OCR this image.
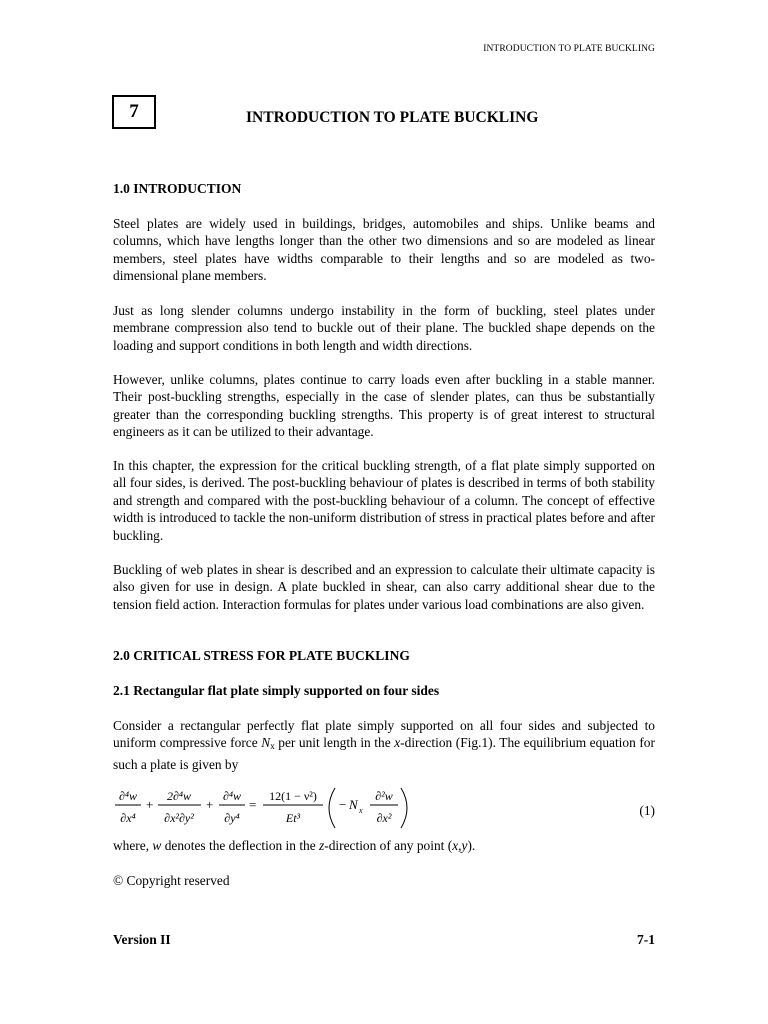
INTRODUCTION TO PLATE BUCKLING
7	INTRODUCTION TO PLATE BUCKLING
1.0 INTRODUCTION

Steel plates are widely used in buildings, bridges, automobiles and ships. Unlike beams and columns, which have lengths longer than the other two dimensions and so are modeled as linear members, steel plates have widths comparable to their lengths and so are modeled as two-dimensional plane members.

Just as long slender columns undergo instability in the form of buckling, steel plates under membrane compression also tend to buckle out of their plane. The buckled shape depends on the loading and support conditions in both length and width directions.

However, unlike columns, plates continue to carry loads even after buckling in a stable manner. Their post-buckling strengths, especially in the case of slender plates, can thus be substantially greater than the corresponding buckling strengths. This property is of great interest to structural engineers as it can be utilized to their advantage.

In this chapter, the expression for the critical buckling strength, of a flat plate simply supported on all four sides, is derived. The post-buckling behaviour of plates is described in terms of both stability and strength and compared with the post-buckling behaviour of a column. The concept of effective width is introduced to tackle the non-uniform distribution of stress in practical plates before and after buckling.

Buckling of web plates in shear is described and an expression to calculate their ultimate capacity is also given for use in design. A plate buckled in shear, can also carry additional shear due to the tension field action. Interaction formulas for plates under various load combinations are also given.

2.0 CRITICAL STRESS FOR PLATE BUCKLING
2.1 Rectangular flat plate simply supported on four sides

Consider a rectangular perfectly flat plate simply supported on all four sides and subjected to uniform compressive force $N_x$ per unit length in the x-direction (Fig.1). The equilibrium equation for such a plate is given by

∂⁴w
∂x⁴
+
2∂⁴w
∂x²∂y²
+
∂⁴w
∂y⁴
=
12(1 − ν²)
Et³
− N x
∂²w
∂x²	(1)
where, w denotes the deflection in the z-direction of any point (x,y).
© Copyright reserved
Version II	7-1
